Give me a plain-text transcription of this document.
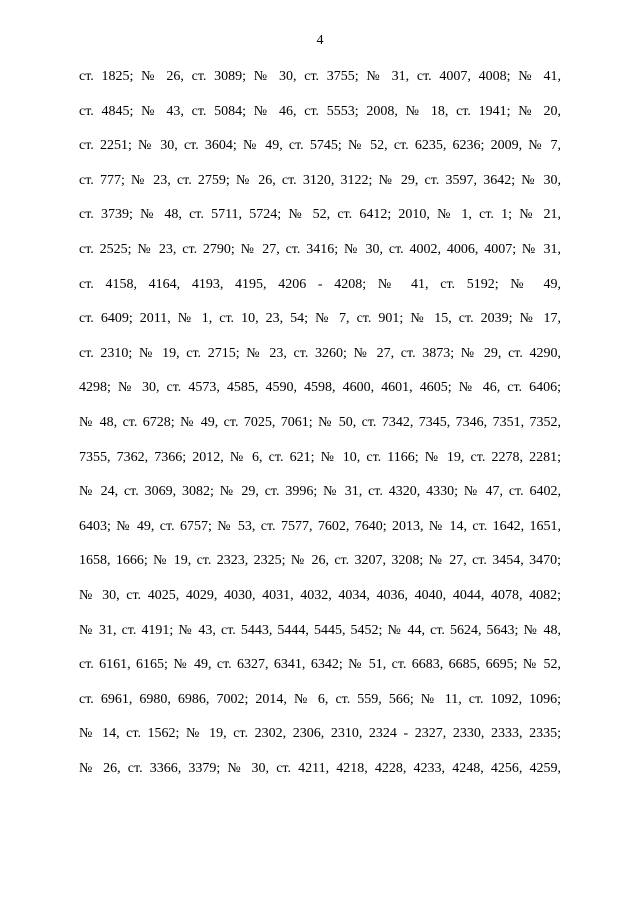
4
ст. 1825; № 26, ст. 3089; № 30, ст. 3755; № 31, ст. 4007, 4008; № 41,
ст. 4845; № 43, ст. 5084; № 46, ст. 5553; 2008, № 18, ст. 1941; № 20,
ст. 2251; № 30, ст. 3604; № 49, ст. 5745; № 52, ст. 6235, 6236; 2009, № 7,
ст. 777; № 23, ст. 2759; № 26, ст. 3120, 3122; № 29, ст. 3597, 3642; № 30,
ст. 3739; № 48, ст. 5711, 5724; № 52, ст. 6412; 2010, № 1, ст. 1; № 21,
ст. 2525; № 23, ст. 2790; № 27, ст. 3416; № 30, ст. 4002, 4006, 4007; № 31,
ст. 4158, 4164, 4193, 4195, 4206 - 4208; № 41, ст. 5192; № 49,
ст. 6409; 2011, № 1, ст. 10, 23, 54; № 7, ст. 901; № 15, ст. 2039; № 17,
ст. 2310; № 19, ст. 2715; № 23, ст. 3260; № 27, ст. 3873; № 29, ст. 4290,
4298; № 30, ст. 4573, 4585, 4590, 4598, 4600, 4601, 4605; № 46, ст. 6406;
№ 48, ст. 6728; № 49, ст. 7025, 7061; № 50, ст. 7342, 7345, 7346, 7351, 7352,
7355, 7362, 7366; 2012, № 6, ст. 621; № 10, ст. 1166; № 19, ст. 2278, 2281;
№ 24, ст. 3069, 3082; № 29, ст. 3996; № 31, ст. 4320, 4330; № 47, ст. 6402,
6403; № 49, ст. 6757; № 53, ст. 7577, 7602, 7640; 2013, № 14, ст. 1642, 1651,
1658, 1666; № 19, ст. 2323, 2325; № 26, ст. 3207, 3208; № 27, ст. 3454, 3470;
№ 30, ст. 4025, 4029, 4030, 4031, 4032, 4034, 4036, 4040, 4044, 4078, 4082;
№ 31, ст. 4191; № 43, ст. 5443, 5444, 5445, 5452; № 44, ст. 5624, 5643; № 48,
ст. 6161, 6165; № 49, ст. 6327, 6341, 6342; № 51, ст. 6683, 6685, 6695; № 52,
ст. 6961, 6980, 6986, 7002; 2014, № 6, ст. 559, 566; № 11, ст. 1092, 1096;
№ 14, ст. 1562; № 19, ст. 2302, 2306, 2310, 2324 - 2327, 2330, 2333, 2335;
№ 26, ст. 3366, 3379; № 30, ст. 4211, 4218, 4228, 4233, 4248, 4256, 4259,
